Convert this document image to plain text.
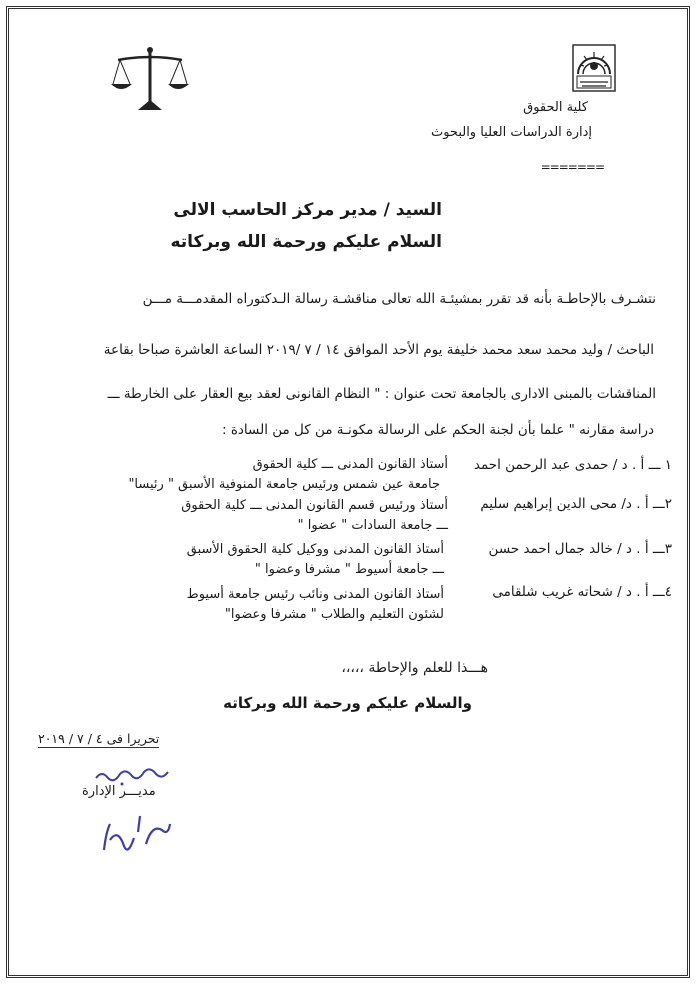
كلية الحقوق
إدارة الدراسات العليا والبحوث
=======
السيد / مدير مركز الحاسب الالى
السلام عليكم ورحمة الله وبركاته
نتشـرف بالإحاطـة بأنه قد تقرر بمشيئـة الله تعالى مناقشـة رسالة الـدكتوراه المقدمـــة مـــن
الباحث / وليد محمد سعد محمد خليفة يوم الأحد الموافق ١٤ / ٧ /٢٠١٩ الساعة العاشرة صباحا بقاعة
المناقشات بالمبنى الادارى بالجامعة تحت عنوان : " النظام القانونى لعقد بيع العقار على الخارطة ـــ
دراسة مقارنه " علما بأن لجنة الحكم على الرسالة مكونـة من كل من السادة :
١ ـــ أ . د / حمدى عبد الرحمن احمد
أستاذ القانون المدنى ـــ كلية الحقوق
جامعة عين شمس ورئيس جامعة المنوفية الأسبق " رئيسا"
٢ـــ أ . د/ محى الدين إبراهيم سليم
أستاذ ورئيس قسم القانون المدنى ـــ كلية الحقوق
ـــ جامعة السادات " عضوا "
٣ـــ أ . د / خالد جمال احمد حسن
أستاذ القانون المدنى ووكيل كلية الحقوق الأسبق
ـــ جامعة أسيوط " مشرفا وعضوا "
٤ـــ أ . د / شحاته غريب شلقامى
أستاذ القانون المدنى ونائب رئيس جامعة أسيوط
لشئون التعليم والطلاب " مشرفا وعضوا"
هـــذا للعلم والإحاطة ،،،،،
والسلام عليكم ورحمة الله وبركاته
تحريرا فى ٤ / ٧ / ٢٠١٩
مديـــر الإدارة
